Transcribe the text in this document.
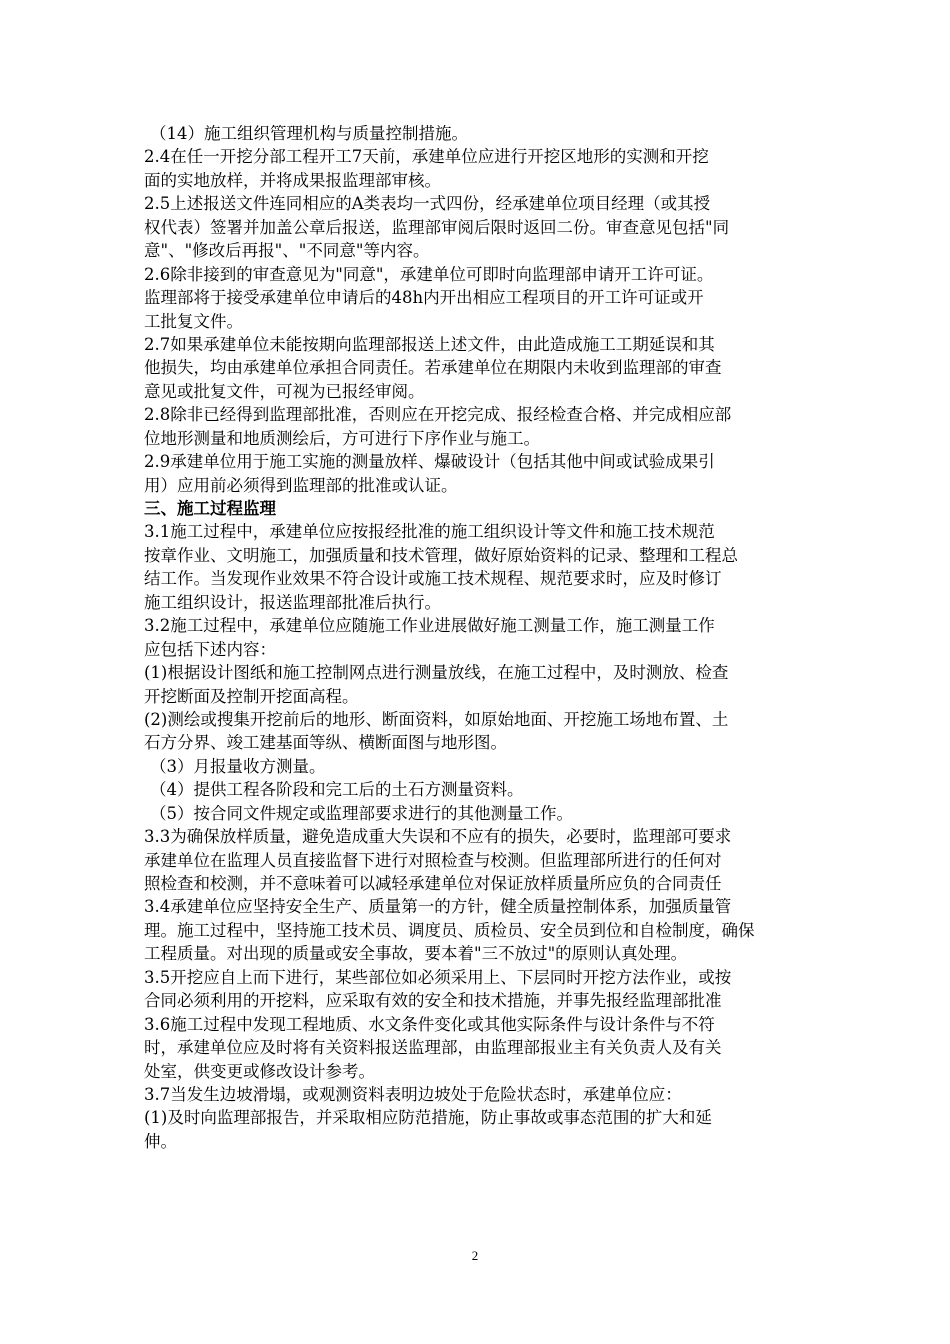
（14）施工组织管理机构与质量控制措施。
2.4在任一开挖分部工程开工7天前，承建单位应进行开挖区地形的实测和开挖
面的实地放样，并将成果报监理部审核。
2.5上述报送文件连同相应的A类表均一式四份，经承建单位项目经理（或其授
权代表）签署并加盖公章后报送，监理部审阅后限时返回二份。审查意见包括"同
意"、"修改后再报"、"不同意"等内容。
2.6除非接到的审查意见为"同意"，承建单位可即时向监理部申请开工许可证。
监理部将于接受承建单位申请后的48h内开出相应工程项目的开工许可证或开
工批复文件。
2.7如果承建单位未能按期向监理部报送上述文件，由此造成施工工期延误和其
他损失，均由承建单位承担合同责任。若承建单位在期限内未收到监理部的审查
意见或批复文件，可视为已报经审阅。
2.8除非已经得到监理部批准，否则应在开挖完成、报经检查合格、并完成相应部
位地形测量和地质测绘后，方可进行下序作业与施工。
2.9承建单位用于施工实施的测量放样、爆破设计（包括其他中间或试验成果引
用）应用前必须得到监理部的批准或认证。
三、施工过程监理
3.1施工过程中，承建单位应按报经批准的施工组织设计等文件和施工技术规范
按章作业、文明施工，加强质量和技术管理，做好原始资料的记录、整理和工程总
结工作。当发现作业效果不符合设计或施工技术规程、规范要求时，应及时修订
施工组织设计，报送监理部批准后执行。
3.2施工过程中，承建单位应随施工作业进展做好施工测量工作，施工测量工作
应包括下述内容：
(1)根据设计图纸和施工控制网点进行测量放线，在施工过程中，及时测放、检查
开挖断面及控制开挖面高程。
(2)测绘或搜集开挖前后的地形、断面资料，如原始地面、开挖施工场地布置、土
石方分界、竣工建基面等纵、横断面图与地形图。
（3）月报量收方测量。
（4）提供工程各阶段和完工后的土石方测量资料。
（5）按合同文件规定或监理部要求进行的其他测量工作。
3.3为确保放样质量，避免造成重大失误和不应有的损失，必要时，监理部可要求
承建单位在监理人员直接监督下进行对照检查与校测。但监理部所进行的任何对
照检查和校测，并不意味着可以减轻承建单位对保证放样质量所应负的合同责任
3.4承建单位应坚持安全生产、质量第一的方针，健全质量控制体系，加强质量管
理。施工过程中，坚持施工技术员、调度员、质检员、安全员到位和自检制度，确保
工程质量。对出现的质量或安全事故，要本着"三不放过"的原则认真处理。
3.5开挖应自上而下进行，某些部位如必须采用上、下层同时开挖方法作业，或按
合同必须利用的开挖料，应采取有效的安全和技术措施，并事先报经监理部批准
3.6施工过程中发现工程地质、水文条件变化或其他实际条件与设计条件与不符
时，承建单位应及时将有关资料报送监理部，由监理部报业主有关负责人及有关
处室，供变更或修改设计参考。
3.7当发生边坡滑塌，或观测资料表明边坡处于危险状态时，承建单位应：
(1)及时向监理部报告，并采取相应防范措施，防止事故或事态范围的扩大和延
伸。
2
